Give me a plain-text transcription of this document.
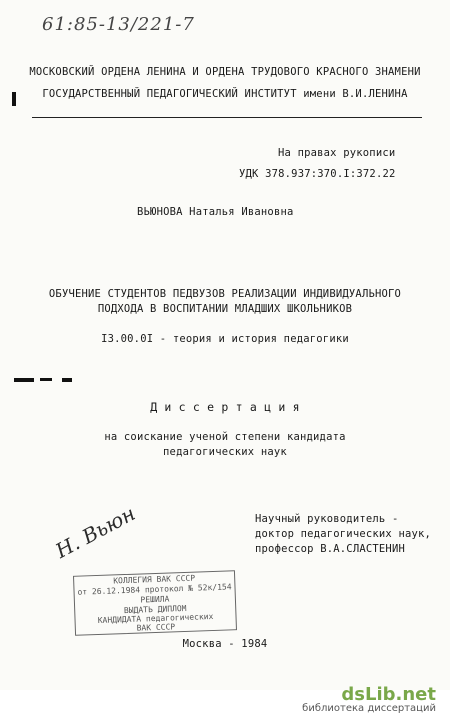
61:85-13/221-7
МОСКОВСКИЙ ОРДЕНА ЛЕНИНА И ОРДЕНА ТРУДОВОГО КРАСНОГО ЗНАМЕНИ
ГОСУДАРСТВЕННЫЙ ПЕДАГОГИЧЕСКИЙ ИНСТИТУТ имени В.И.ЛЕНИНА
На правах рукописи
УДК 378.937:370.I:372.22
ВЬЮНОВА Наталья Ивановна
ОБУЧЕНИЕ СТУДЕНТОВ ПЕДВУЗОВ РЕАЛИЗАЦИИ ИНДИВИДУАЛЬНОГО
ПОДХОДА В ВОСПИТАНИИ МЛАДШИХ ШКОЛЬНИКОВ
I3.00.0I - теория и история педагогики
Д и с с е р т а ц и я
на соискание ученой степени кандидата
педагогических наук
Н. Вьюн	Научный руководитель -
доктор педагогических наук,
профессор В.А.СЛАСТЕНИН
КОЛЛЕГИЯ ВАК СССР
от 26.12.1984 протокол № 52к/154
РЕШИЛА
ВЫДАТЬ ДИПЛОМ
КАНДИДАТА педагогических
ВАК СССР
Москва - 1984
dsLib.net
библиотека диссертаций
